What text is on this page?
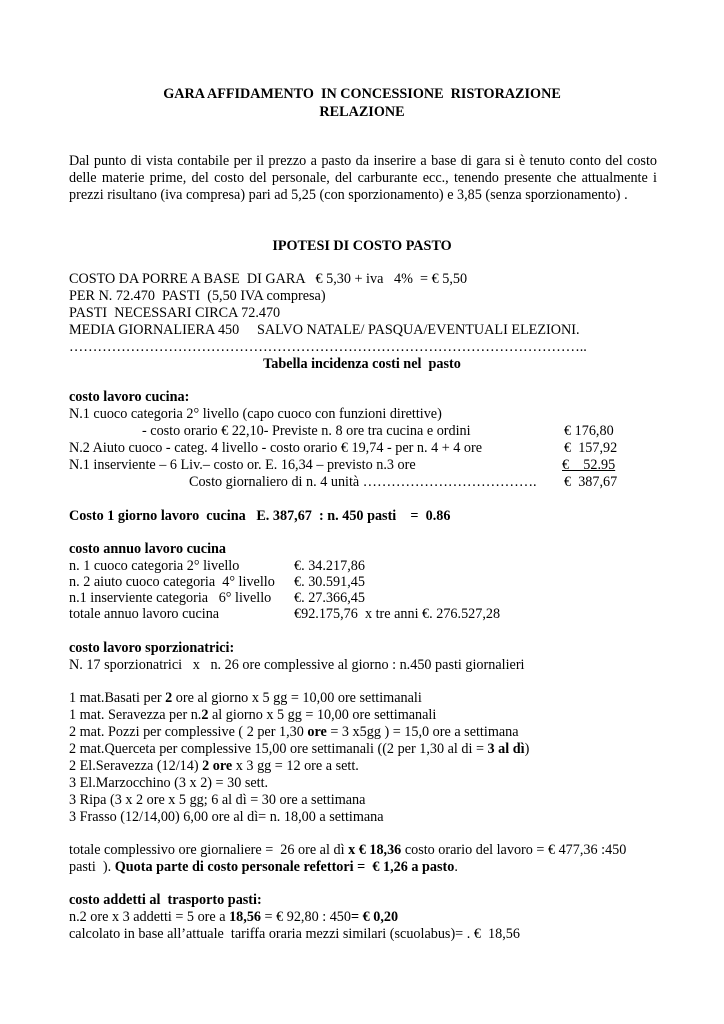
GARA AFFIDAMENTO  IN CONCESSIONE  RISTORAZIONE
RELAZIONE
Dal punto di vista contabile per il prezzo a pasto da inserire a base di gara si è tenuto conto del costo delle materie prime, del costo del personale, del carburante ecc., tenendo presente che attualmente i prezzi risultano (iva compresa) pari ad 5,25 (con sporzionamento) e 3,85 (senza sporzionamento) .
IPOTESI DI COSTO PASTO
COSTO DA PORRE A BASE  DI GARA   € 5,30 + iva   4%  = € 5,50
PER N. 72.470  PASTI  (5,50 IVA compresa)
PASTI  NECESSARI CIRCA 72.470
MEDIA GIORNALIERA 450     SALVO NATALE/ PASQUA/EVENTUALI ELEZIONI.
………………………………………………………………………………………………..
Tabella incidenza costi nel  pasto
costo lavoro cucina:
N.1 cuoco categoria 2° livello (capo cuoco con funzioni direttive)
- costo orario € 22,10- Previste n. 8 ore tra cucina e ordini	€ 176,80
N.2 Aiuto cuoco - categ. 4 livello - costo orario € 19,74 - per n. 4 + 4 ore	€  157,92
N.1 inserviente – 6 Liv.– costo or. E. 16,34 – previsto n.3 ore	€    52.95
Costo giornaliero di n. 4 unità ………………………………. €  387,67
Costo 1 giorno lavoro  cucina   E. 387,67  : n. 450 pasti    =  0.86
costo annuo lavoro cucina
n. 1 cuoco categoria 2° livello	€. 34.217,86
n. 2 aiuto cuoco categoria  4° livello €. 30.591,45
n.1 inserviente categoria   6° livello €. 27.366,45
totale annuo lavoro cucina	€92.175,76  x tre anni €. 276.527,28
costo lavoro sporzionatrici:
N. 17 sporzionatrici   x   n. 26 ore complessive al giorno : n.450 pasti giornalieri
1 mat.Basati per 2 ore al giorno x 5 gg = 10,00 ore settimanali
1 mat. Seravezza per n.2 al giorno x 5 gg = 10,00 ore settimanali
2 mat. Pozzi per complessive ( 2 per 1,30 ore = 3 x5gg ) = 15,0 ore a settimana
2 mat.Querceta per complessive 15,00 ore settimanali ((2 per 1,30 al di = 3 al dì)
2 El.Seravezza (12/14) 2 ore x 3 gg = 12 ore a sett.
3 El.Marzocchino (3 x 2) = 30 sett.
3 Ripa (3 x 2 ore x 5 gg; 6 al dì = 30 ore a settimana
3 Frasso (12/14,00) 6,00 ore al dì= n. 18,00 a settimana
totale complessivo ore giornaliere =  26 ore al dì x € 18,36 costo orario del lavoro = € 477,36 :450
pasti  ). Quota parte di costo personale refettori =  € 1,26 a pasto.
costo addetti al  trasporto pasti:
n.2 ore x 3 addetti = 5 ore a 18,56 = € 92,80 : 450= € 0,20
calcolato in base all’attuale  tariffa oraria mezzi similari (scuolabus)= . €  18,56
